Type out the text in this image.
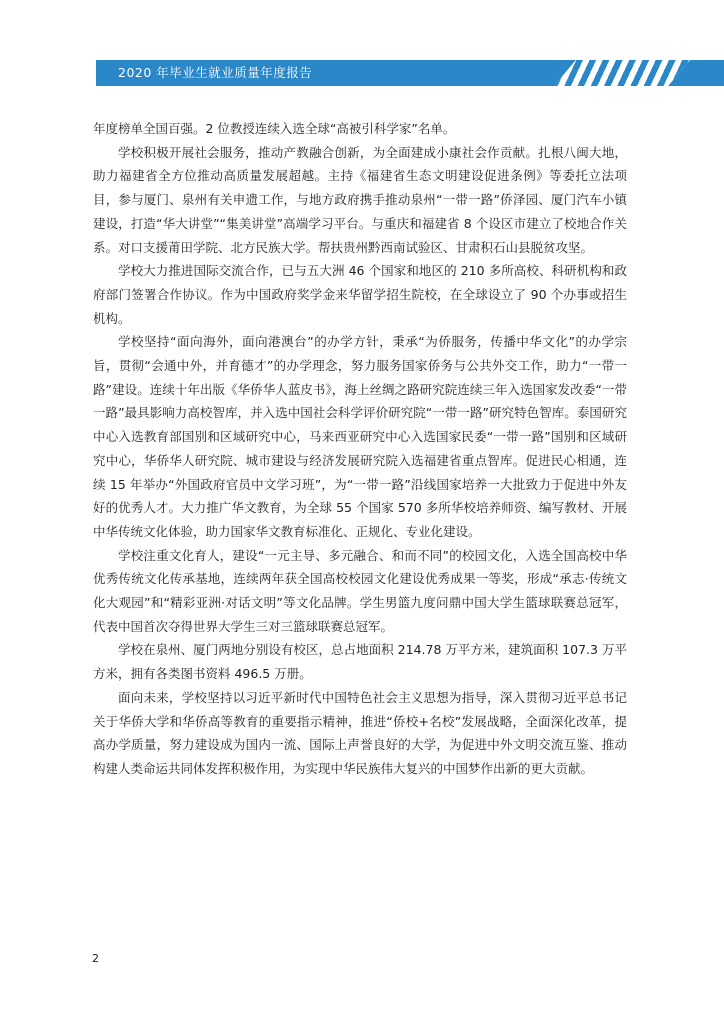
2020 年毕业生就业质量年度报告

年度榜单全国百强。2 位教授连续入选全球“高被引科学家”名单。

学校积极开展社会服务，推动产教融合创新，为全面建成小康社会作贡献。扎根八闽大地，助力福建省全方位推动高质量发展超越。主持《福建省生态文明建设促进条例》等委托立法项目，参与厦门、泉州有关申遗工作，与地方政府携手推动泉州“一带一路”侨泽园、厦门汽车小镇建设，打造“华大讲堂”“集美讲堂”高端学习平台。与重庆和福建省 8 个设区市建立了校地合作关系。对口支援莆田学院、北方民族大学。帮扶贵州黔西南试验区、甘肃积石山县脱贫攻坚。

学校大力推进国际交流合作，已与五大洲 46 个国家和地区的 210 多所高校、科研机构和政府部门签署合作协议。作为中国政府奖学金来华留学招生院校，在全球设立了 90 个办事或招生机构。

学校坚持“面向海外，面向港澳台”的办学方针，秉承“为侨服务，传播中华文化”的办学宗旨，贯彻“会通中外，并育德才”的办学理念，努力服务国家侨务与公共外交工作，助力“一带一路”建设。连续十年出版《华侨华人蓝皮书》，海上丝绸之路研究院连续三年入选国家发改委“一带一路”最具影响力高校智库，并入选中国社会科学评价研究院“一带一路”研究特色智库。泰国研究中心入选教育部国别和区域研究中心，马来西亚研究中心入选国家民委“一带一路”国别和区域研究中心，华侨华人研究院、城市建设与经济发展研究院入选福建省重点智库。促进民心相通，连续 15 年举办“外国政府官员中文学习班”，为“一带一路”沿线国家培养一大批致力于促进中外友好的优秀人才。大力推广华文教育，为全球 55 个国家 570 多所华校培养师资、编写教材、开展中华传统文化体验，助力国家华文教育标准化、正规化、专业化建设。

学校注重文化育人，建设“一元主导、多元融合、和而不同”的校园文化，入选全国高校中华优秀传统文化传承基地，连续两年获全国高校校园文化建设优秀成果一等奖，形成“承志·传统文化大观园”和“精彩亚洲·对话文明”等文化品牌。学生男篮九度问鼎中国大学生篮球联赛总冠军，代表中国首次夺得世界大学生三对三篮球联赛总冠军。

学校在泉州、厦门两地分别设有校区，总占地面积 214.78 万平方米，建筑面积 107.3 万平方米，拥有各类图书资料 496.5 万册。

面向未来，学校坚持以习近平新时代中国特色社会主义思想为指导，深入贯彻习近平总书记关于华侨大学和华侨高等教育的重要指示精神，推进“侨校+名校”发展战略，全面深化改革，提高办学质量，努力建设成为国内一流、国际上声誉良好的大学，为促进中外文明交流互鉴、推动构建人类命运共同体发挥积极作用，为实现中华民族伟大复兴的中国梦作出新的更大贡献。

2
